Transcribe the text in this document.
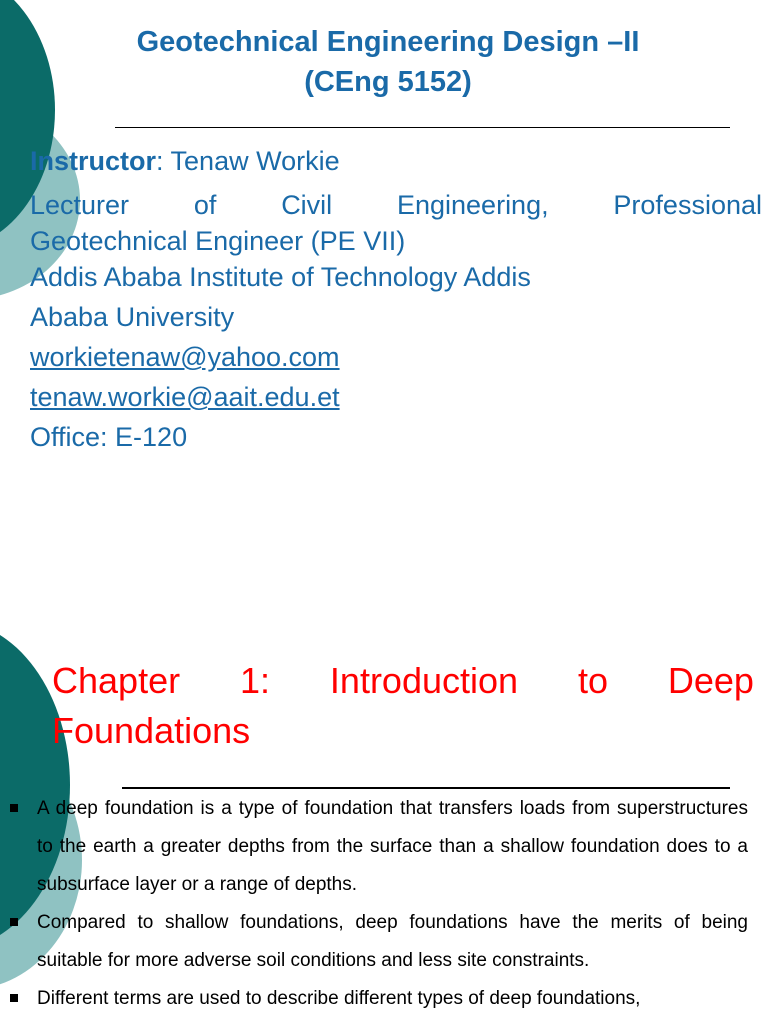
Geotechnical Engineering Design –II
(CEng 5152)
Instructor: Tenaw Workie
Lecturer of Civil Engineering, Professional
Geotechnical Engineer (PE VII)
Addis Ababa Institute of Technology Addis
Ababa University
workietenaw@yahoo.com
tenaw.workie@aait.edu.et
Office: E-120
Chapter 1: Introduction to Deep
Foundations
A deep foundation is a type of foundation that transfers loads from superstructures to the earth a greater depths from the surface than a shallow foundation does to a subsurface layer or a range of depths.
Compared to shallow foundations, deep foundations have the merits of being suitable for more adverse soil conditions and less site constraints.
Different terms are used to describe different types of deep foundations,
